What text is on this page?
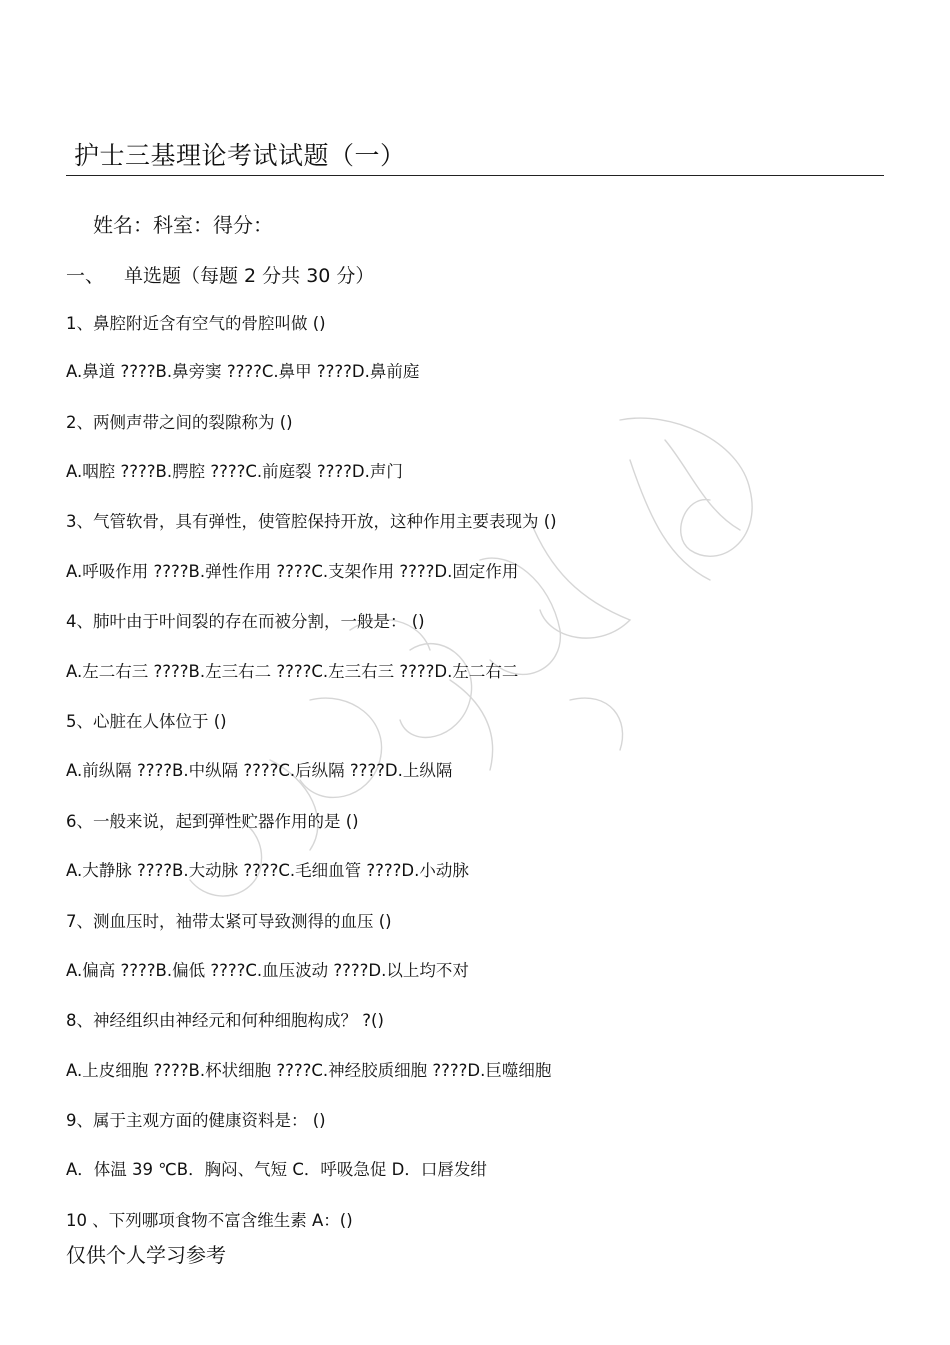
护士三基理论考试试题（一）
姓名：科室：得分：
一、 单选题（每题 2 分共 30 分）
1、鼻腔附近含有空气的骨腔叫做 ()
A.鼻道 ????B.鼻旁窦 ????C.鼻甲 ????D.鼻前庭
2、两侧声带之间的裂隙称为 ()
A.咽腔 ????B.腭腔 ????C.前庭裂 ????D.声门
3、气管软骨，具有弹性，使管腔保持开放，这种作用主要表现为 ()
A.呼吸作用 ????B.弹性作用 ????C.支架作用 ????D.固定作用
4、肺叶由于叶间裂的存在而被分割，一般是： ()
A.左二右三 ????B.左三右二 ????C.左三右三 ????D.左二右二
5、心脏在人体位于 ()
A.前纵隔 ????B.中纵隔 ????C.后纵隔 ????D.上纵隔
6、一般来说，起到弹性贮器作用的是 ()
A.大静脉 ????B.大动脉 ????C.毛细血管 ????D.小动脉
7、测血压时，袖带太紧可导致测得的血压 ()
A.偏高 ????B.偏低 ????C.血压波动 ????D.以上均不对
8、神经组织由神经元和何种细胞构成？ ?()
A.上皮细胞 ????B.杯状细胞 ????C.神经胶质细胞 ????D.巨噬细胞
9、属于主观方面的健康资料是： ()
A．体温 39 ℃B．胸闷、气短 C．呼吸急促 D．口唇发绀
10 、下列哪项食物不富含维生素 A：()
仅供个人学习参考
